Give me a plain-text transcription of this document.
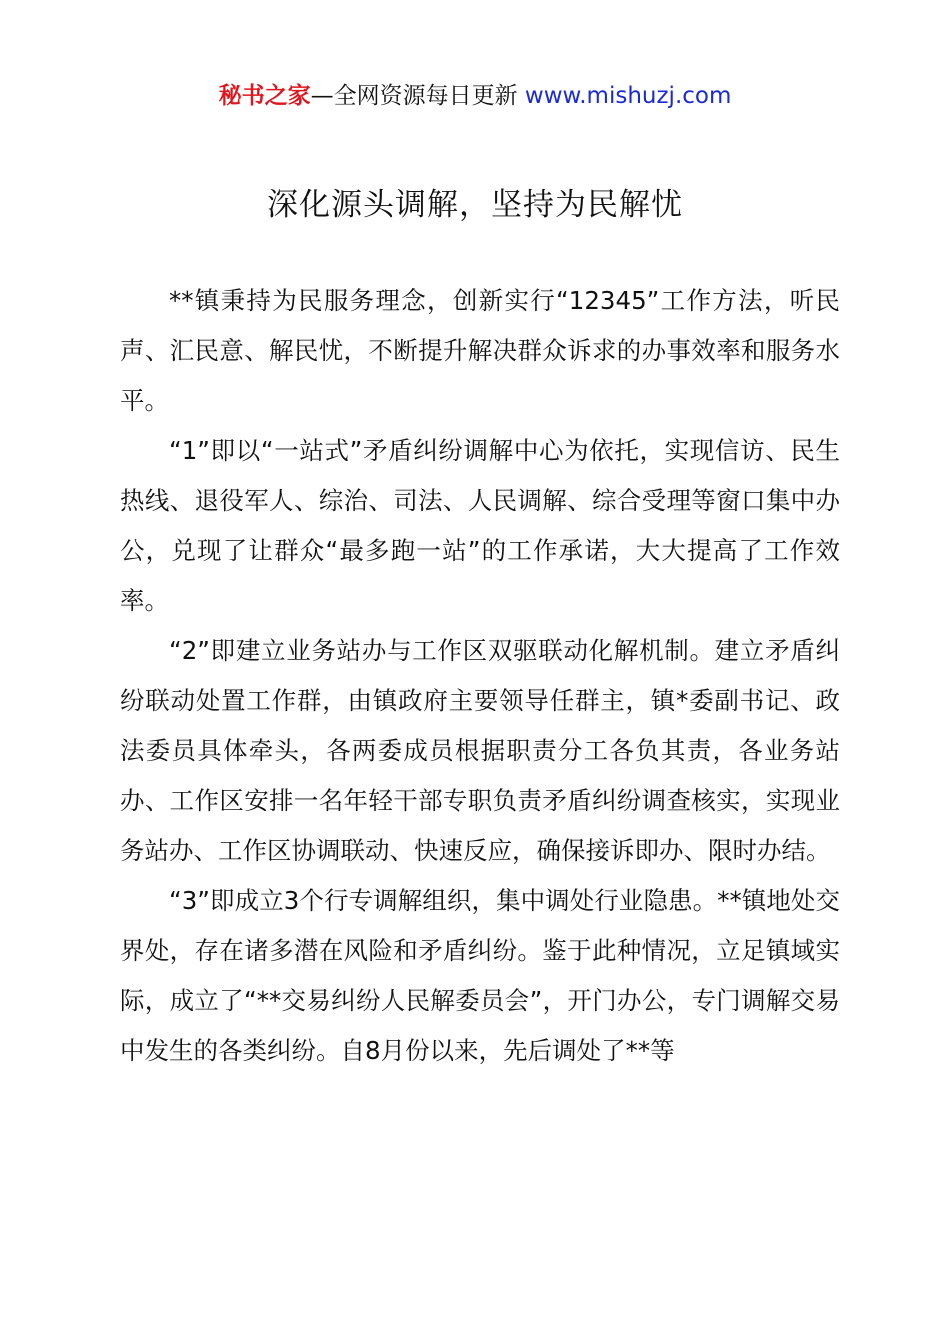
秘书之家—全网资源每日更新 www.mishuzj.com
深化源头调解，坚持为民解忧

**镇秉持为民服务理念，创新实行“12345”工作方法，听民声、汇民意、解民忧，不断提升解决群众诉求的办事效率和服务水平。

“1”即以“一站式”矛盾纠纷调解中心为依托，实现信访、民生热线、退役军人、综治、司法、人民调解、综合受理等窗口集中办公，兑现了让群众“最多跑一站”的工作承诺，大大提高了工作效率。

“2”即建立业务站办与工作区双驱联动化解机制。建立矛盾纠纷联动处置工作群，由镇政府主要领导任群主，镇*委副书记、政法委员具体牵头，各两委成员根据职责分工各负其责，各业务站办、工作区安排一名年轻干部专职负责矛盾纠纷调查核实，实现业务站办、工作区协调联动、快速反应，确保接诉即办、限时办结。

“3”即成立3个行专调解组织，集中调处行业隐患。**镇地处交界处，存在诸多潜在风险和矛盾纠纷。鉴于此种情况，立足镇域实际，成立了“**交易纠纷人民解委员会”，开门办公，专门调解交易中发生的各类纠纷。自8月份以来，先后调处了**等
